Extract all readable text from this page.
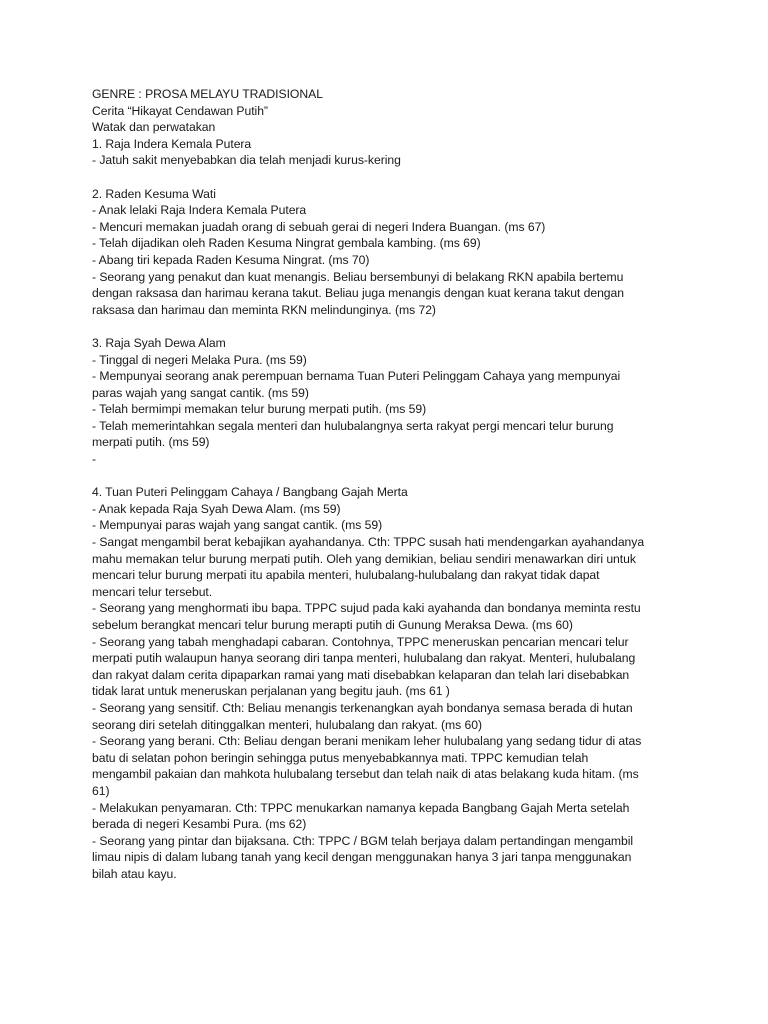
GENRE : PROSA MELAYU TRADISIONAL
Cerita “Hikayat Cendawan Putih”
Watak dan perwatakan
1. Raja Indera Kemala Putera
- Jatuh sakit menyebabkan dia telah menjadi kurus-kering
2. Raden Kesuma Wati
- Anak lelaki Raja Indera Kemala Putera
- Mencuri memakan juadah orang di sebuah gerai di negeri Indera Buangan. (ms 67)
- Telah dijadikan oleh Raden Kesuma Ningrat gembala kambing. (ms 69)
- Abang tiri kepada Raden Kesuma Ningrat. (ms 70)
- Seorang yang penakut dan kuat menangis. Beliau bersembunyi di belakang RKN apabila bertemu
dengan raksasa dan harimau kerana takut. Beliau juga menangis dengan kuat kerana takut dengan
raksasa dan harimau dan meminta RKN melindunginya. (ms 72)
3. Raja Syah Dewa Alam
- Tinggal di negeri Melaka Pura. (ms 59)
- Mempunyai seorang anak perempuan bernama Tuan Puteri Pelinggam Cahaya yang mempunyai
paras wajah yang sangat cantik. (ms 59)
- Telah bermimpi memakan telur burung merpati putih. (ms 59)
- Telah memerintahkan segala menteri dan hulubalangnya serta rakyat pergi mencari telur burung
merpati putih. (ms 59)
-
4. Tuan Puteri Pelinggam Cahaya / Bangbang Gajah Merta
- Anak kepada Raja Syah Dewa Alam. (ms 59)
- Mempunyai paras wajah yang sangat cantik. (ms 59)
- Sangat mengambil berat kebajikan ayahandanya. Cth: TPPC susah hati mendengarkan ayahandanya
mahu memakan telur burung merpati putih. Oleh yang demikian, beliau sendiri menawarkan diri untuk
mencari telur burung merpati itu apabila menteri, hulubalang-hulubalang dan rakyat tidak dapat
mencari telur tersebut.
- Seorang yang menghormati ibu bapa. TPPC sujud pada kaki ayahanda dan bondanya meminta restu
sebelum berangkat mencari telur burung merapti putih di Gunung Meraksa Dewa. (ms 60)
- Seorang yang tabah menghadapi cabaran. Contohnya, TPPC meneruskan pencarian mencari telur
merpati putih walaupun hanya seorang diri tanpa menteri, hulubalang dan rakyat. Menteri, hulubalang
dan rakyat dalam cerita dipaparkan ramai yang mati disebabkan kelaparan dan telah lari disebabkan
tidak larat untuk meneruskan perjalanan yang begitu jauh. (ms 61 )
- Seorang yang sensitif. Cth: Beliau menangis terkenangkan ayah bondanya semasa berada di hutan
seorang diri setelah ditinggalkan menteri, hulubalang dan rakyat. (ms 60)
- Seorang yang berani. Cth: Beliau dengan berani menikam leher hulubalang yang sedang tidur di atas
batu di selatan pohon beringin sehingga putus menyebabkannya mati. TPPC kemudian telah
mengambil pakaian dan mahkota hulubalang tersebut dan telah naik di atas belakang kuda hitam. (ms
61)
- Melakukan penyamaran. Cth: TPPC menukarkan namanya kepada Bangbang Gajah Merta setelah
berada di negeri Kesambi Pura. (ms 62)
- Seorang yang pintar dan bijaksana. Cth: TPPC / BGM telah berjaya dalam pertandingan mengambil
limau nipis di dalam lubang tanah yang kecil dengan menggunakan hanya 3 jari tanpa menggunakan
bilah atau kayu.
